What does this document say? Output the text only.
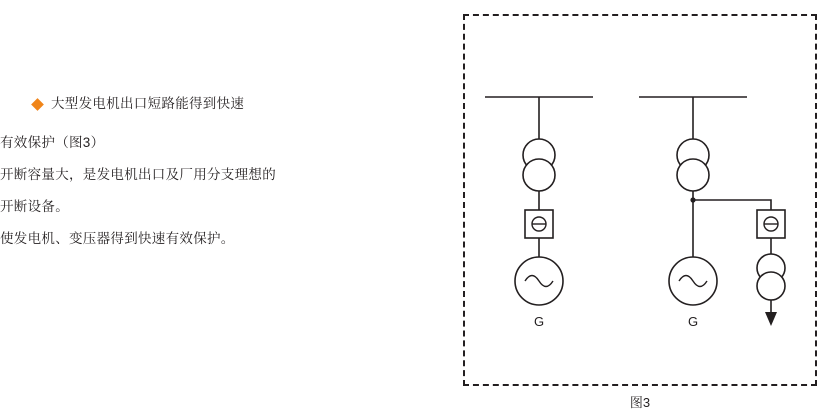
大型发电机出口短路能得到快速
有效保护（图3）
开断容量大，是发电机出口及厂用分支理想的
开断设备。
使发电机、变压器得到快速有效保护。
G	G
图3
